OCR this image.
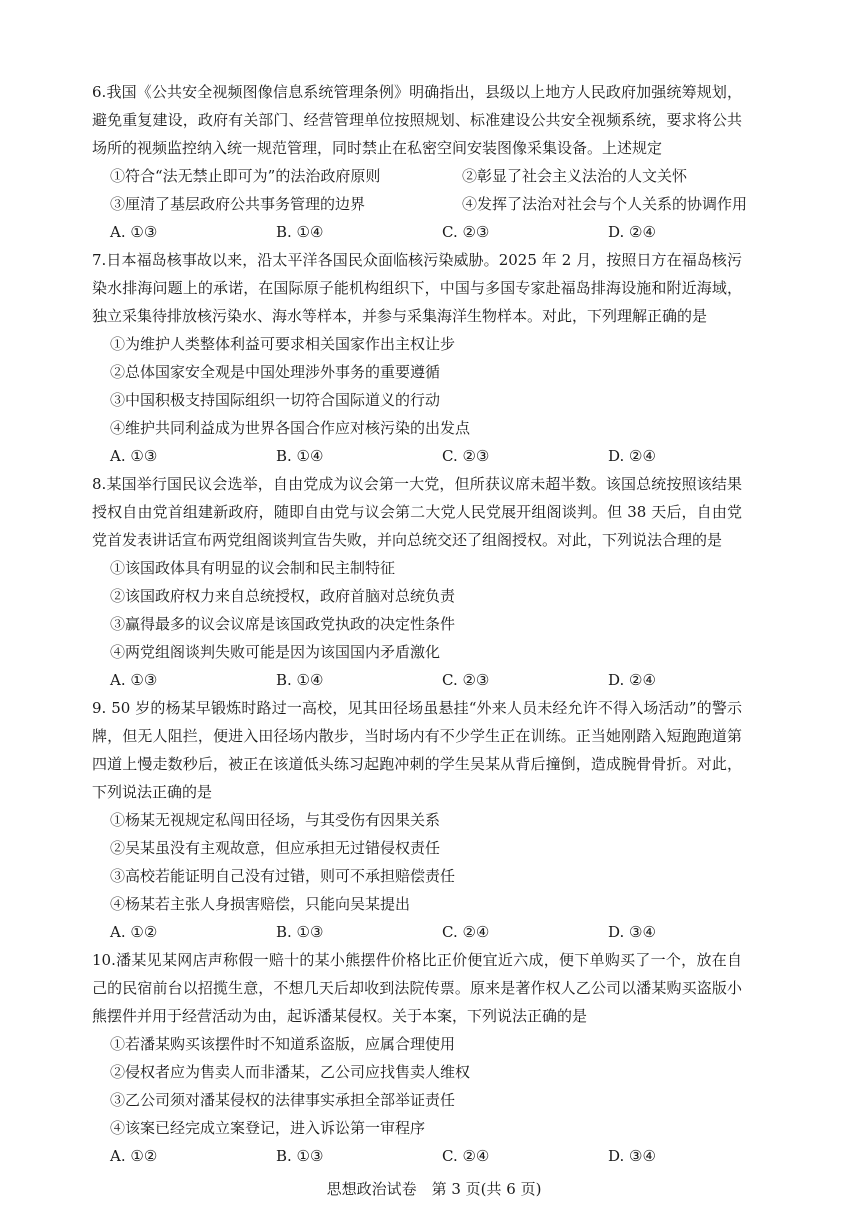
6.我国《公共安全视频图像信息系统管理条例》明确指出，县级以上地方人民政府加强统筹规划，避免重复建设，政府有关部门、经营管理单位按照规划、标准建设公共安全视频系统，要求将公共场所的视频监控纳入统一规范管理，同时禁止在私密空间安装图像采集设备。上述规定
①符合“法无禁止即可为”的法治政府原则	②彰显了社会主义法治的人文关怀
③厘清了基层政府公共事务管理的边界	④发挥了法治对社会与个人关系的协调作用
A. ①③	B. ①④	C. ②③	D. ②④
7.日本福岛核事故以来，沿太平洋各国民众面临核污染威胁。2025 年 2 月，按照日方在福岛核污染水排海问题上的承诺，在国际原子能机构组织下，中国与多国专家赴福岛排海设施和附近海域，独立采集待排放核污染水、海水等样本，并参与采集海洋生物样本。对此，下列理解正确的是
①为维护人类整体利益可要求相关国家作出主权让步
②总体国家安全观是中国处理涉外事务的重要遵循
③中国积极支持国际组织一切符合国际道义的行动
④维护共同利益成为世界各国合作应对核污染的出发点
A. ①③	B. ①④	C. ②③	D. ②④
8.某国举行国民议会选举，自由党成为议会第一大党，但所获议席未超半数。该国总统按照该结果授权自由党首组建新政府，随即自由党与议会第二大党人民党展开组阁谈判。但 38 天后，自由党党首发表讲话宣布两党组阁谈判宣告失败，并向总统交还了组阁授权。对此，下列说法合理的是
①该国政体具有明显的议会制和民主制特征
②该国政府权力来自总统授权，政府首脑对总统负责
③赢得最多的议会议席是该国政党执政的决定性条件
④两党组阁谈判失败可能是因为该国国内矛盾激化
A. ①③	B. ①④	C. ②③	D. ②④
9. 50 岁的杨某早锻炼时路过一高校，见其田径场虽悬挂“外来人员未经允许不得入场活动”的警示牌，但无人阻拦，便进入田径场内散步，当时场内有不少学生正在训练。正当她刚踏入短跑跑道第四道上慢走数秒后，被正在该道低头练习起跑冲刺的学生吴某从背后撞倒，造成腕骨骨折。对此，下列说法正确的是
①杨某无视规定私闯田径场，与其受伤有因果关系
②吴某虽没有主观故意，但应承担无过错侵权责任
③高校若能证明自己没有过错，则可不承担赔偿责任
④杨某若主张人身损害赔偿，只能向吴某提出
A. ①②	B. ①③	C. ②④	D. ③④
10.潘某见某网店声称假一赔十的某小熊摆件价格比正价便宜近六成，便下单购买了一个，放在自己的民宿前台以招揽生意，不想几天后却收到法院传票。原来是著作权人乙公司以潘某购买盗版小熊摆件并用于经营活动为由，起诉潘某侵权。关于本案，下列说法正确的是
①若潘某购买该摆件时不知道系盗版，应属合理使用
②侵权者应为售卖人而非潘某，乙公司应找售卖人维权
③乙公司须对潘某侵权的法律事实承担全部举证责任
④该案已经完成立案登记，进入诉讼第一审程序
A. ①②	B. ①③	C. ②④	D. ③④
思想政治试卷　第 3 页(共 6 页)
